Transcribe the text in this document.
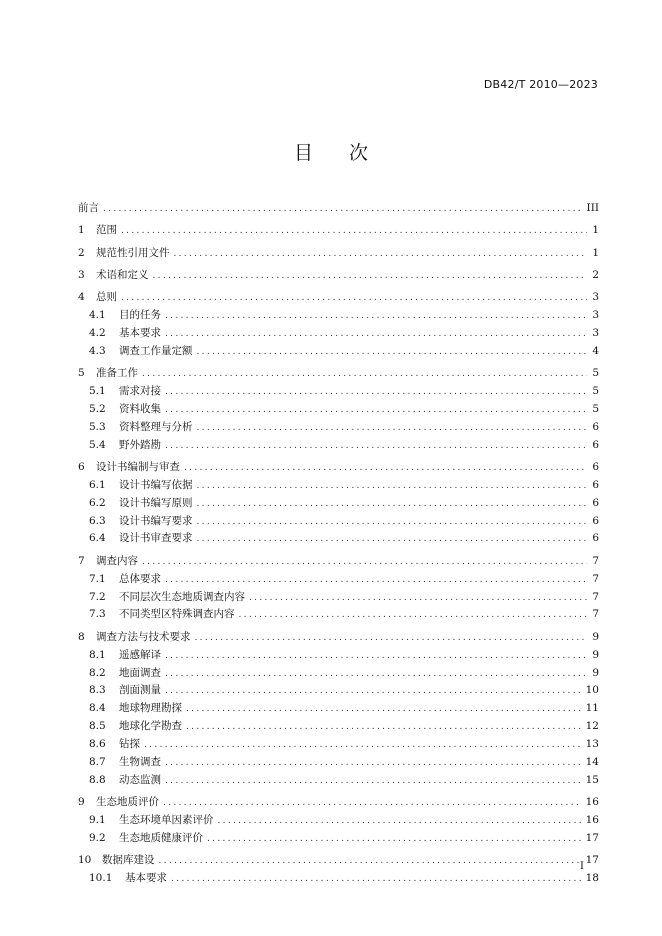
DB42/T 2010—2023
目 次
前言 .....	III
1	范围 .....	1
2	规范性引用文件 .....	1
3	术语和定义 .....	2
4	总则 .....	3
4.1	目的任务 .....	3
4.2	基本要求 .....	3
4.3	调查工作量定额 .....	4
5	准备工作 .....	5
5.1	需求对接 .....	5
5.2	资料收集 .....	5
5.3	资料整理与分析 .....	6
5.4	野外踏勘 .....	6
6	设计书编制与审查 .....	6
6.1	设计书编写依据 .....	6
6.2	设计书编写原则 .....	6
6.3	设计书编写要求 .....	6
6.4	设计书审查要求 .....	6
7	调查内容 .....	7
7.1	总体要求 .....	7
7.2	不同层次生态地质调查内容 .....	7
7.3	不同类型区特殊调查内容 .....	7
8	调查方法与技术要求 .....	9
8.1	遥感解译 .....	9
8.2	地面调查 .....	9
8.3	剖面测量 .....	10
8.4	地球物理勘探 .....	11
8.5	地球化学勘查 .....	12
8.6	钻探 .....	13
8.7	生物调查 .....	14
8.8	动态监测 .....	15
9	生态地质评价 .....	16
9.1	生态环境单因素评价 .....	16
9.2	生态地质健康评价 .....	17
10	数据库建设 .....	17
10.1	基本要求 .....	18
I
